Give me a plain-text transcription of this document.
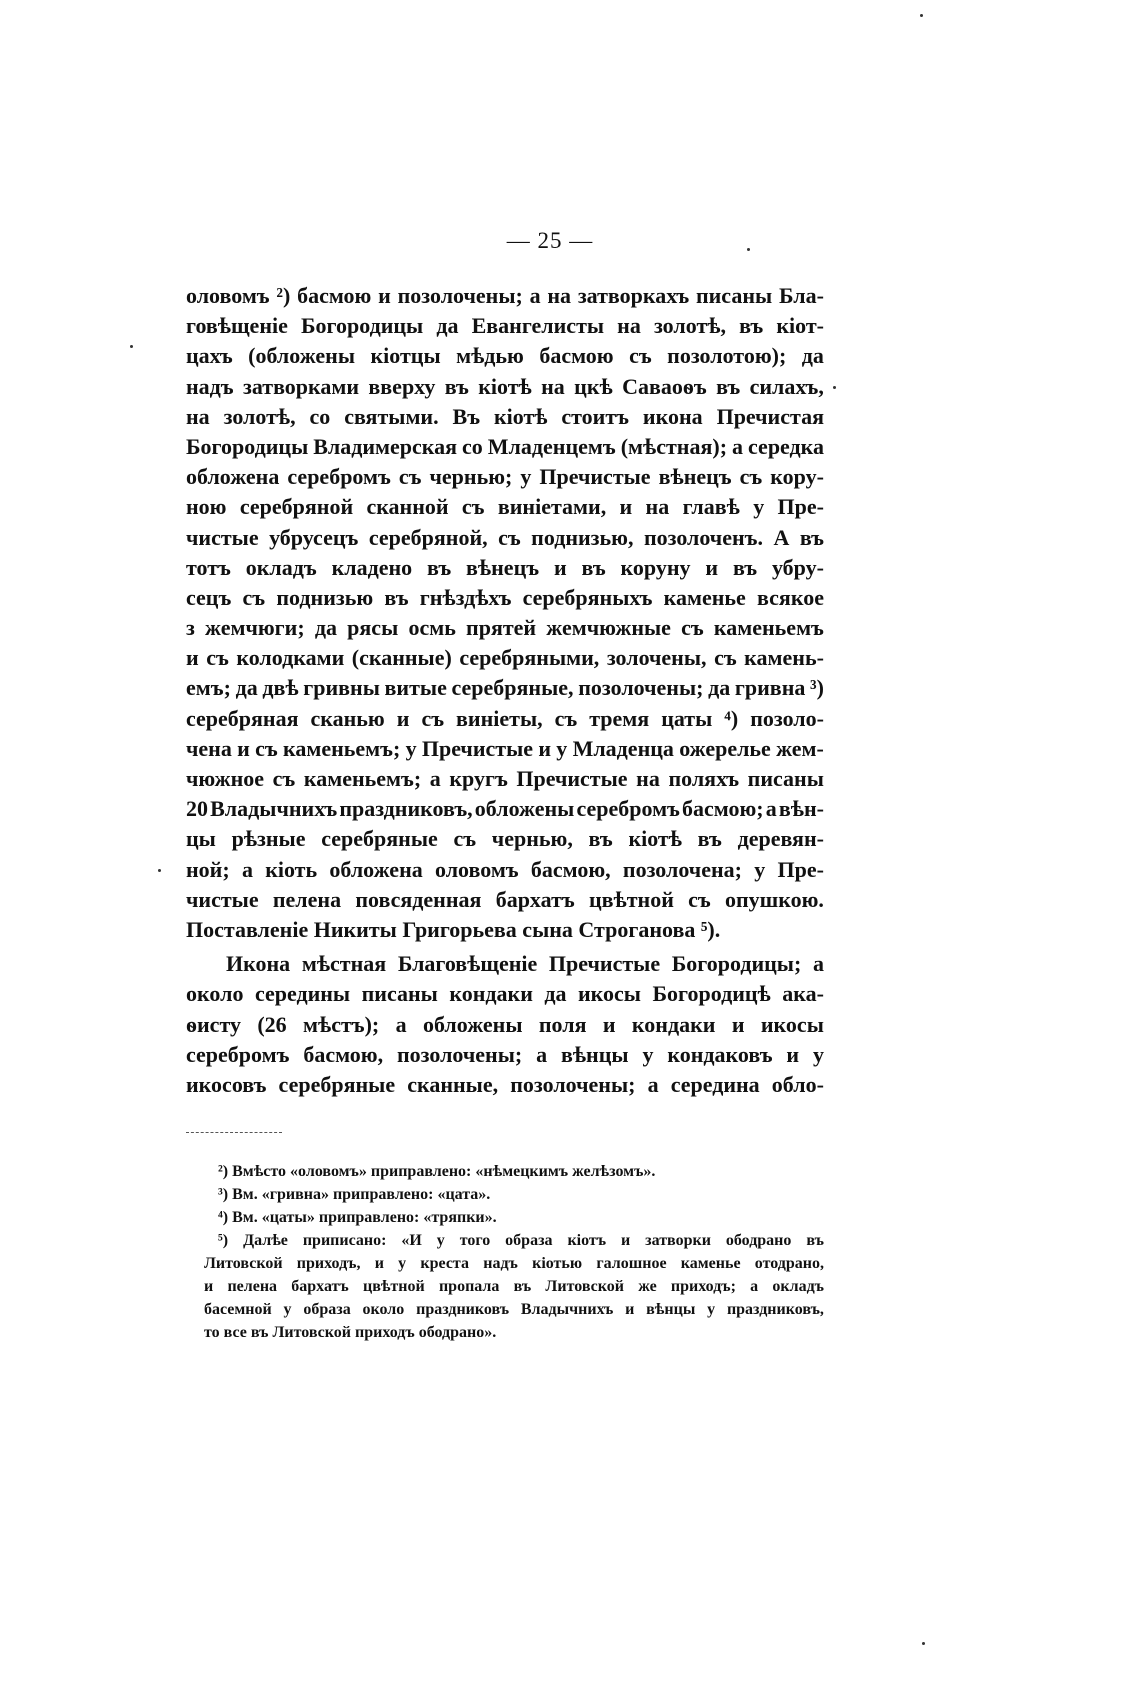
— 25 —
оловомъ ²) басмою и позолочены; а на затворкахъ писаны Бла-
говѣщеніе Богородицы да Евангелисты на золотѣ, въ кіот-
цахъ (обложены кіотцы мѣдью басмою съ позолотою); да
надъ затворками вверху въ кіотѣ на цкѣ Саваоѳъ въ силахъ,
на золотѣ, со святыми. Въ кіотѣ стоитъ икона Пречистая
Богородицы Владимерская со Младенцемъ (мѣстная); а середка
обложена серебромъ съ чернью; у Пречистые вѣнецъ съ кору-
ною серебряной сканной съ виніетами, и на главѣ у Пре-
чистые убрусецъ серебряной, съ поднизью, позолоченъ. А въ
тотъ окладъ кладено въ вѣнецъ и въ коруну и въ убру-
сецъ съ поднизью въ гнѣздѣхъ серебряныхъ каменье всякое
з жемчюги; да рясы осмь прятей жемчюжные съ каменьемъ
и съ колодками (сканные) серебряными, золочены, съ камень-
емъ; да двѣ гривны витые серебряные, позолочены; да гривна ³)
серебряная сканью и съ виніеты, съ тремя цаты ⁴) позоло-
чена и съ каменьемъ; у Пречистые и у Младенца ожерелье жем-
чюжное съ каменьемъ; а кругъ Пречистые на поляхъ писаны
20 Владычнихъ праздниковъ, обложены серебромъ басмою; а вѣн-
цы рѣзные серебряные съ чернью, въ кіотѣ въ деревян-
ной; а кіоть обложена оловомъ басмою, позолочена; у Пре-
чистые пелена повсяденная бархатъ цвѣтной съ опушкою.
Поставленіе Никиты Григорьева сына Строганова ⁵).
Икона мѣстная Благовѣщеніе Пречистые Богородицы; а
около середины писаны кондаки да икосы Богородицѣ ака-
ѳисту (26 мѣстъ); а обложены поля и кондаки и икосы
серебромъ басмою, позолочены; а вѣнцы у кондаковъ и у
икосовъ серебряные сканные, позолочены; а середина обло-
²) Вмѣсто «оловомъ» приправлено: «нѣмецкимъ желѣзомъ».
³) Вм. «гривна» приправлено: «цата».
⁴) Вм. «цаты» приправлено: «тряпки».
⁵) Далѣе приписано: «И у того образа кіотъ и затворки ободрано въ
Литовской приходъ, и у креста надъ кіотью галошное каменье отодрано,
и пелена бархатъ цвѣтной пропала въ Литовской же приходъ; а окладъ
басемной у образа около праздниковъ Владычнихъ и вѣнцы у праздниковъ,
то все въ Литовской приходъ ободрано».
